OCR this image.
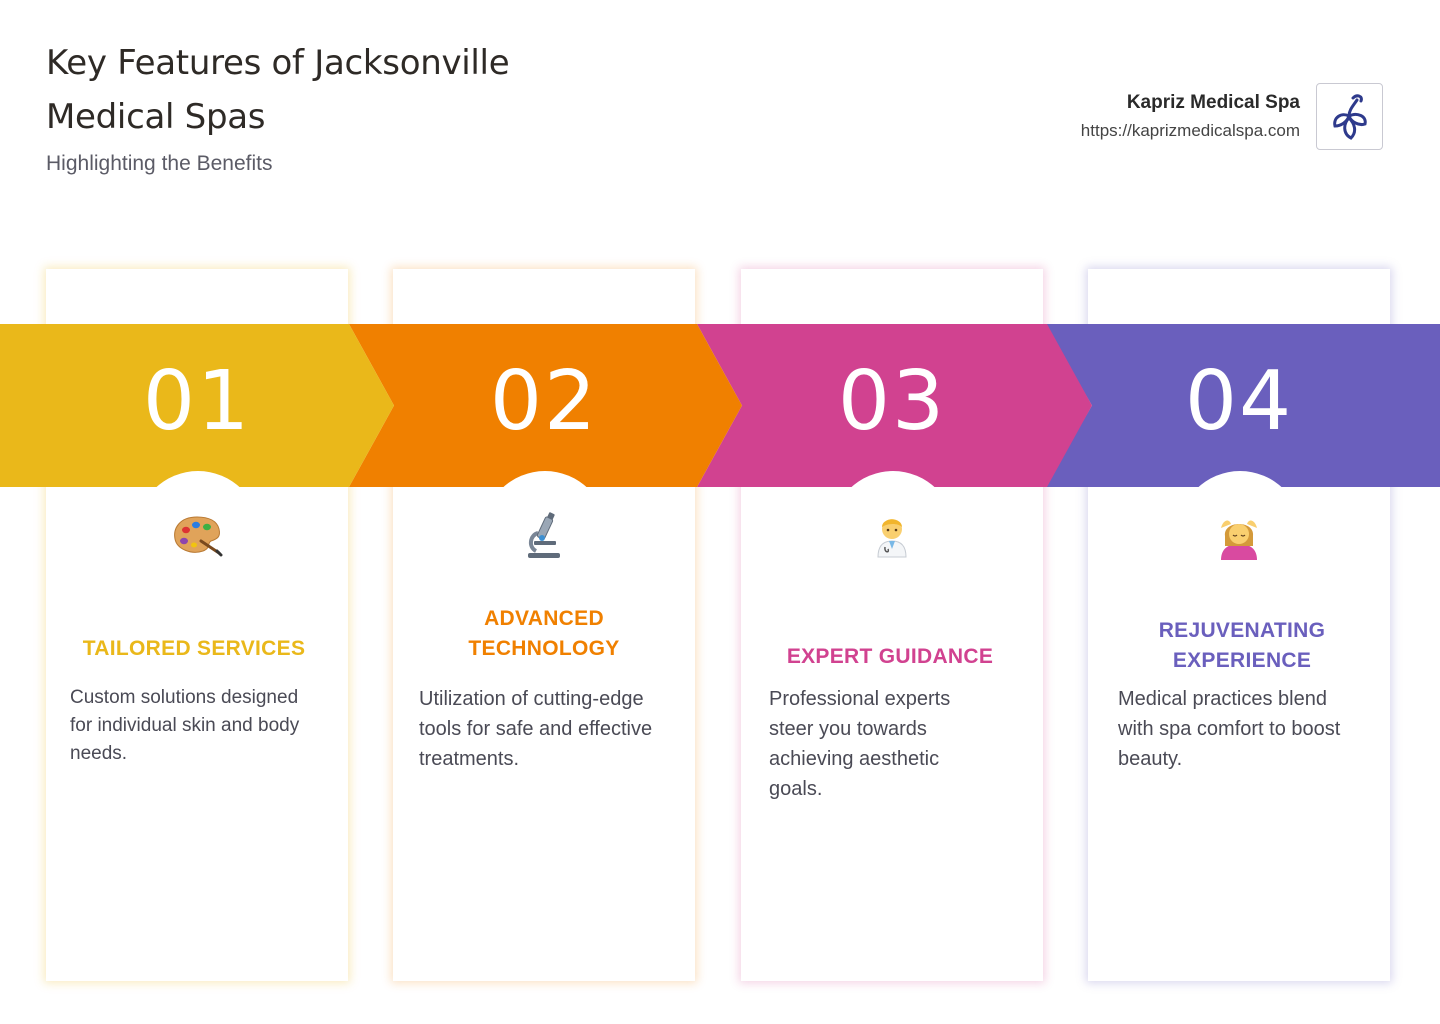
Key Features of Jacksonville Medical Spas
Highlighting the Benefits
Kapriz Medical Spa
https://kaprizmedicalspa.com
01	02	03	04
TAILORED SERVICES
ADVANCED TECHNOLOGY	EXPERT GUIDANCE
REJUVENATING EXPERIENCE
Custom solutions designed for individual skin and body needs.
Utilization of cutting-edge tools for safe and effective treatments.
Professional experts steer you towards achieving aesthetic goals.
Medical practices blend with spa comfort to boost beauty.
